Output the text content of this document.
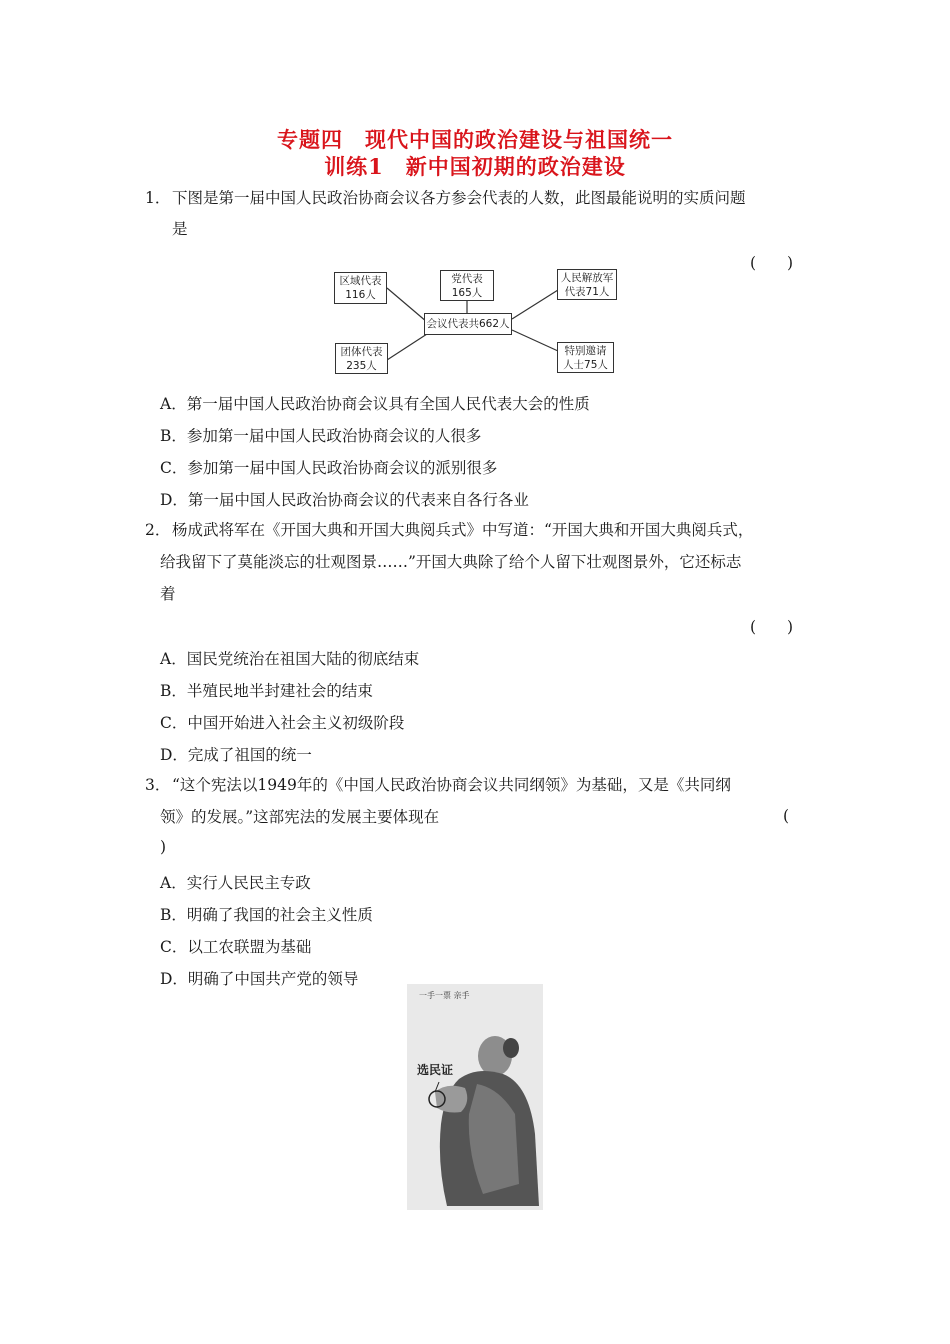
专题四　现代中国的政治建设与祖国统一
训练1　新中国初期的政治建设
1． 下图是第一届中国人民政治协商会议各方参会代表的人数，此图最能说明的实质问题
是
(　　)
区域代表
116人
党代表
165人
人民解放军
代表71人
会议代表共662人
团体代表
235人
特别邀请
人士75人
A．第一届中国人民政治协商会议具有全国人民代表大会的性质
B．参加第一届中国人民政治协商会议的人很多
C．参加第一届中国人民政治协商会议的派别很多
D．第一届中国人民政治协商会议的代表来自各行各业
2． 杨成武将军在《开国大典和开国大典阅兵式》中写道：“开国大典和开国大典阅兵式，
给我留下了莫能淡忘的壮观图景……”开国大典除了给个人留下壮观图景外，它还标志
着
(　　)
A．国民党统治在祖国大陆的彻底结束
B．半殖民地半封建社会的结束
C．中国开始进入社会主义初级阶段
D．完成了祖国的统一
3． “这个宪法以1949年的《中国人民政治协商会议共同纲领》为基础，又是《共同纲
领》的发展。”这部宪法的发展主要体现在	(
)
A．实行人民民主专政
B．明确了我国的社会主义性质
C．以工农联盟为基础
D．明确了中国共产党的领导
一手一票 亲手
选民证
